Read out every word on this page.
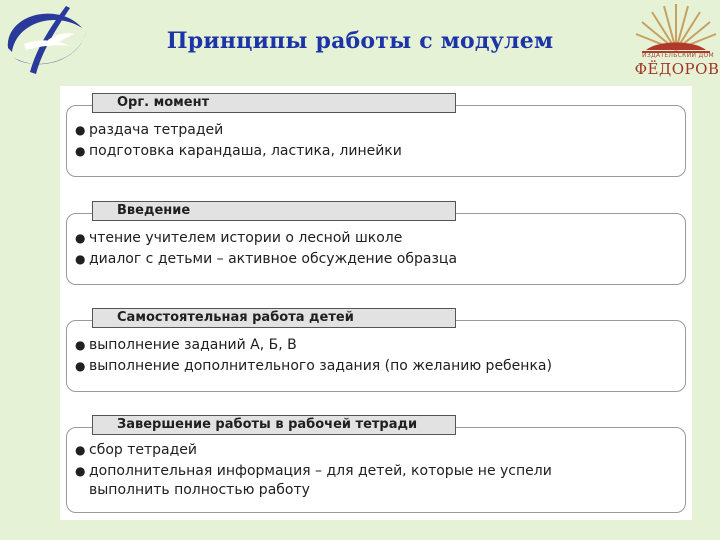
Принципы работы с модулем
ИЗДАТЕЛЬСКИЙ ДОМ
ФЁДОРОВ
● раздача тетрадей
● подготовка карандаша, ластика, линейки
Орг. момент
● чтение учителем истории о лесной школе
● диалог с детьми – активное обсуждение образца
Введение
● выполнение заданий А, Б, В
● выполнение дополнительного задания (по желанию ребенка)
Самостоятельная работа детей
● сбор тетрадей
● дополнительная информация – для детей, которые не успели
выполнить полностью работу
Завершение работы в рабочей тетради
